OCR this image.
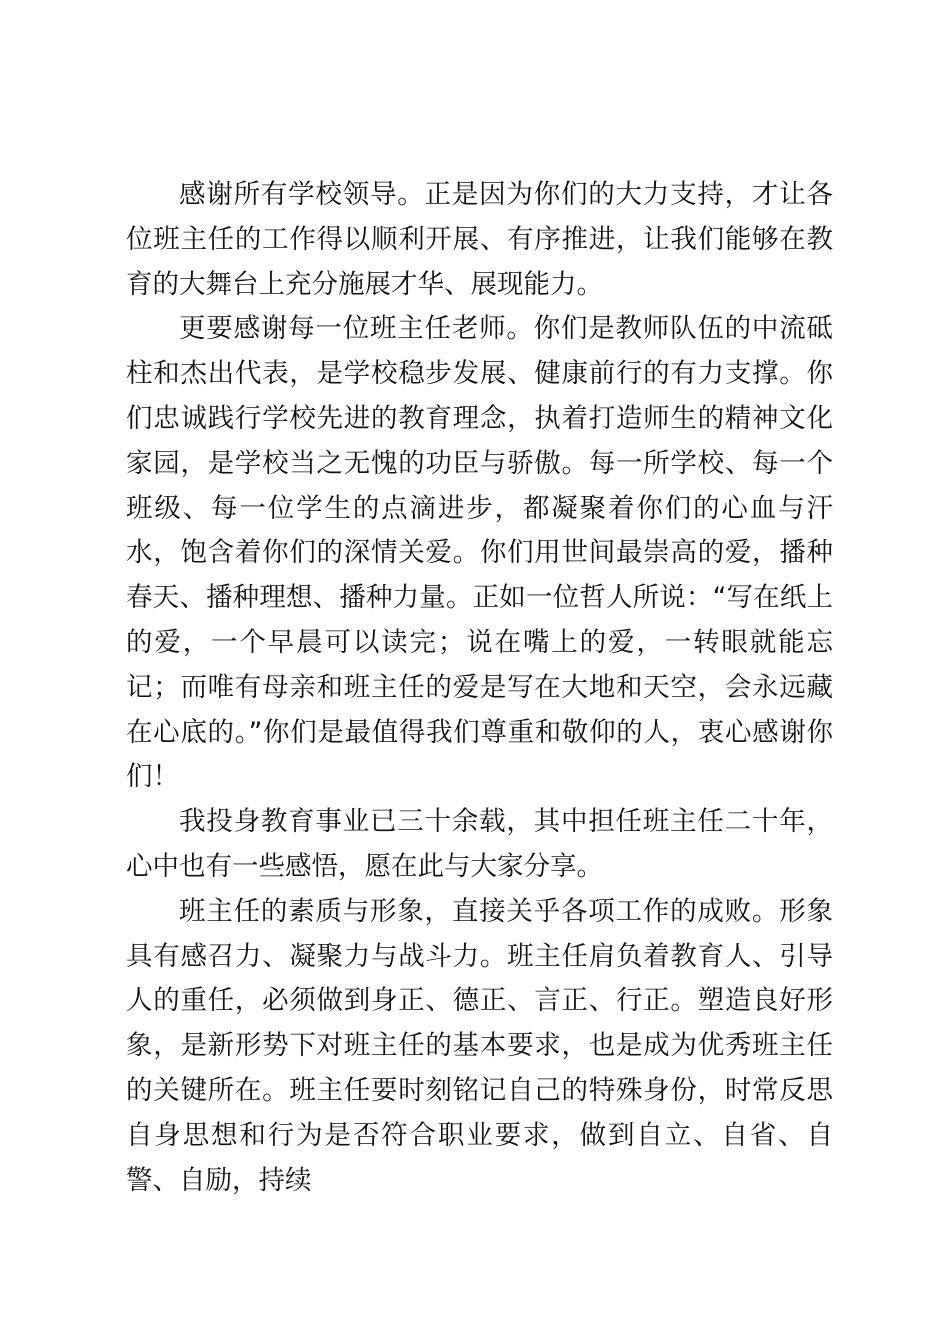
感谢所有学校领导。正是因为你们的大力支持，才让各位班主任的工作得以顺利开展、有序推进，让我们能够在教育的大舞台上充分施展才华、展现能力。

更要感谢每一位班主任老师。你们是教师队伍的中流砥柱和杰出代表，是学校稳步发展、健康前行的有力支撑。你们忠诚践行学校先进的教育理念，执着打造师生的精神文化家园，是学校当之无愧的功臣与骄傲。每一所学校、每一个班级、每一位学生的点滴进步，都凝聚着你们的心血与汗水，饱含着你们的深情关爱。你们用世间最崇高的爱，播种春天、播种理想、播种力量。正如一位哲人所说：“写在纸上的爱，一个早晨可以读完；说在嘴上的爱，一转眼就能忘记；而唯有母亲和班主任的爱是写在大地和天空，会永远藏在心底的。”你们是最值得我们尊重和敬仰的人，衷心感谢你们！

我投身教育事业已三十余载，其中担任班主任二十年，心中也有一些感悟，愿在此与大家分享。

班主任的素质与形象，直接关乎各项工作的成败。形象具有感召力、凝聚力与战斗力。班主任肩负着教育人、引导人的重任，必须做到身正、德正、言正、行正。塑造良好形象，是新形势下对班主任的基本要求，也是成为优秀班主任的关键所在。班主任要时刻铭记自己的特殊身份，时常反思自身思想和行为是否符合职业要求，做到自立、自省、自警、自励，持续
